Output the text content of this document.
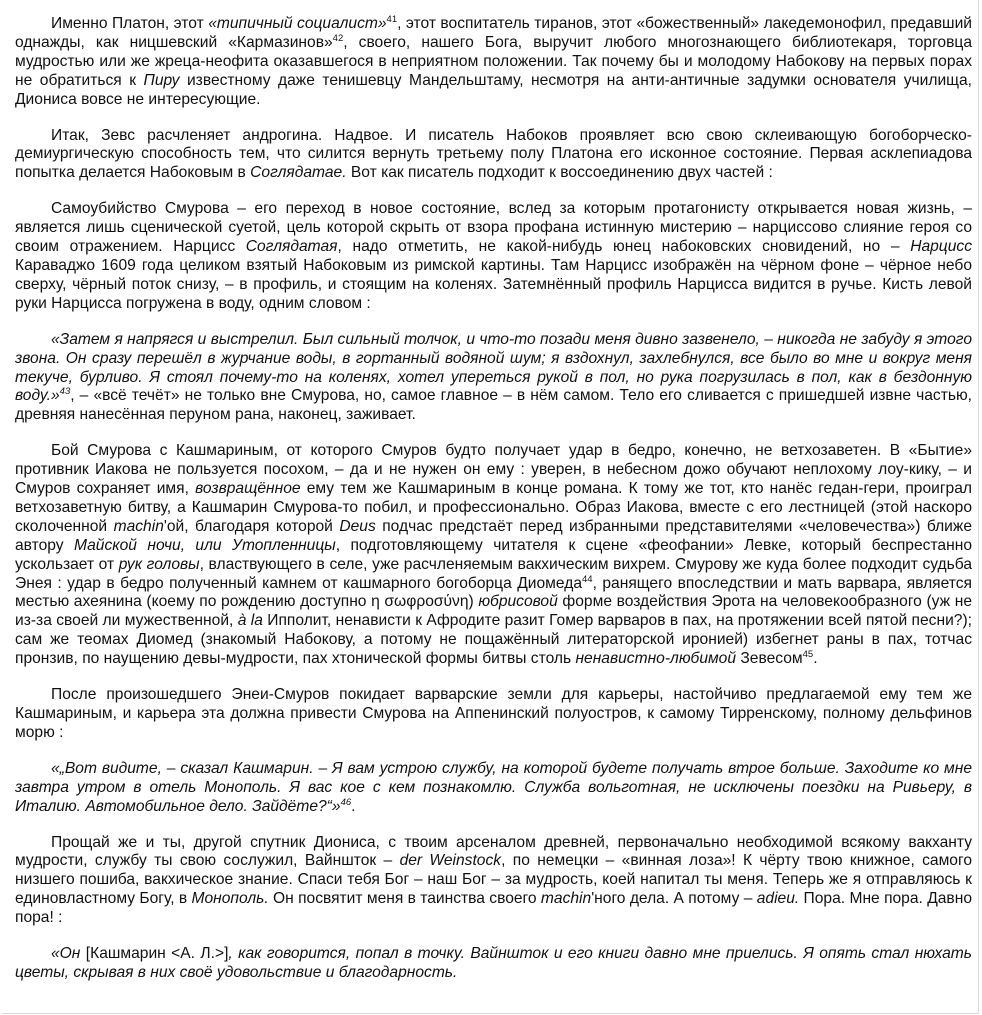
Именно Платон, этот «типичный социалист»$^{41}$, этот воспитатель тиранов, этот «божественный» лакедемонофил, предавший однажды, как ницшевский «Кармазинов»$^{42}$, своего, нашего Бога, выручит любого многознающего библиотекаря, торговца мудростью или же жреца-неофита оказавшегося в неприятном положении. Так почему бы и молодому Набокову на первых порах не обратиться к Пиру известному даже тенишевцу Мандельштаму, несмотря на анти-античные задумки основателя училища, Диониса вовсе не интересующие.

Итак, Зевс расчленяет андрогина. Надвое. И писатель Набоков проявляет всю свою склеивающую богоборческо-демиургическую способность тем, что силится вернуть третьему полу Платона его исконное состояние. Первая асклепиадова попытка делается Набоковым в Соглядатае. Вот как писатель подходит к воссоединению двух частей :

Самоубийство Смурова – его переход в новое состояние, вслед за которым протагонисту открывается новая жизнь, – является лишь сценической суетой, цель которой скрыть от взора профана истинную мистерию – нарциссово слияние героя со своим отражением. Нарцисс Соглядатая, надо отметить, не какой-нибудь юнец набоковских сновидений, но – Нарцисс Караваджо 1609 года целиком взятый Набоковым из римской картины. Там Нарцисс изображён на чёрном фоне – чёрное небо сверху, чёрный поток снизу, – в профиль, и стоящим на коленях. Затемнённый профиль Нарцисса видится в ручье. Кисть левой руки Нарцисса погружена в воду, одним словом :

«Затем я напрягся и выстрелил. Был сильный толчок, и что-то позади меня дивно зазвенело, – никогда не забуду я этого звона. Он сразу перешёл в журчание воды, в гортанный водяной шум; я вздохнул, захлебнулся, все было во мне и вокруг меня текуче, бурливо. Я стоял почему-то на коленях, хотел упереться рукой в пол, но рука погрузилась в пол, как в бездонную воду.»$^{43}$, – «всё течёт» не только вне Смурова, но, самое главное – в нём самом. Тело его сливается с пришедшей извне частью, древняя нанесённая перуном рана, наконец, заживает.

Бой Смурова с Кашмариным, от которого Смуров будто получает удар в бедро, конечно, не ветхозаветен. В «Бытие» противник Иакова не пользуется посохом, – да и не нужен он ему : уверен, в небесном дожо обучают неплохому лоу-кику, – и Смуров сохраняет имя, возвращённое ему тем же Кашмариным в конце романа. К тому же тот, кто нанёс гедан-гери, проиграл ветхозаветную битву, а Кашмарин Смурова-то побил, и профессионально. Образ Иакова, вместе с его лестницей (этой наскоро сколоченной machin'ой, благодаря которой Deus подчас предстаёт перед избранными представителями «человечества») ближе автору Майской ночи, или Утопленницы, подготовляющему читателя к сцене «феофании» Левке, который беспрестанно ускользает от рук головы, властвующего в селе, уже расчленяемым вакхическим вихрем. Смурову же куда более подходит судьба Энея : удар в бедро полученный камнем от кашмарного богоборца Диомеда$^{44}$, ранящего впоследствии и мать варвара, является местью ахеянина (коему по рождению доступно η σωφροσύνη) юбрисовой форме воздействия Эрота на человекообразного (уж не из-за своей ли мужественной, à la Ипполит, ненависти к Афродите разит Гомер варваров в пах, на протяжении всей пятой песни?); сам же теомах Диомед (знакомый Набокову, а потому не пощажённый литераторской иронией) избегнет раны в пах, тотчас пронзив, по наущению девы-мудрости, пах хтонической формы битвы столь ненавистно-любимой Зевесом$^{45}$.

После произошедшего Энеи-Смуров покидает варварские земли для карьеры, настойчиво предлагаемой ему тем же Кашмариным, и карьера эта должна привести Смурова на Аппенинский полуостров, к самому Тирренскому, полному дельфинов морю :

«„Вот видите, – сказал Кашмарин. – Я вам устрою службу, на которой будете получать втрое больше. Заходите ко мне завтра утром в отель Монополь. Я вас кое с кем познакомлю. Служба вольготная, не исключены поездки на Ривьеру, в Италию. Автомобильное дело. Зайдёте?“»$^{46}$.

Прощай же и ты, другой спутник Диониса, с твоим арсеналом древней, первоначально необходимой всякому вакханту мудрости, службу ты свою сослужил, Вайншток – der Weinstock, по немецки – «винная лоза»! К чёрту твою книжное, самого низшего пошиба, вакхическое знание. Спаси тебя Бог – наш Бог – за мудрость, коей напитал ты меня. Теперь же я отправляюсь к единовластному Богу, в Монополь. Он посвятит меня в таинства своего machin'ного дела. А потому – adieu. Пора. Мне пора. Давно пора! :

«Он [Кашмарин <А. Л.>], как говорится, попал в точку. Вайншток и его книги давно мне приелись. Я опять стал нюхать цветы, скрывая в них своё удовольствие и благодарность.
